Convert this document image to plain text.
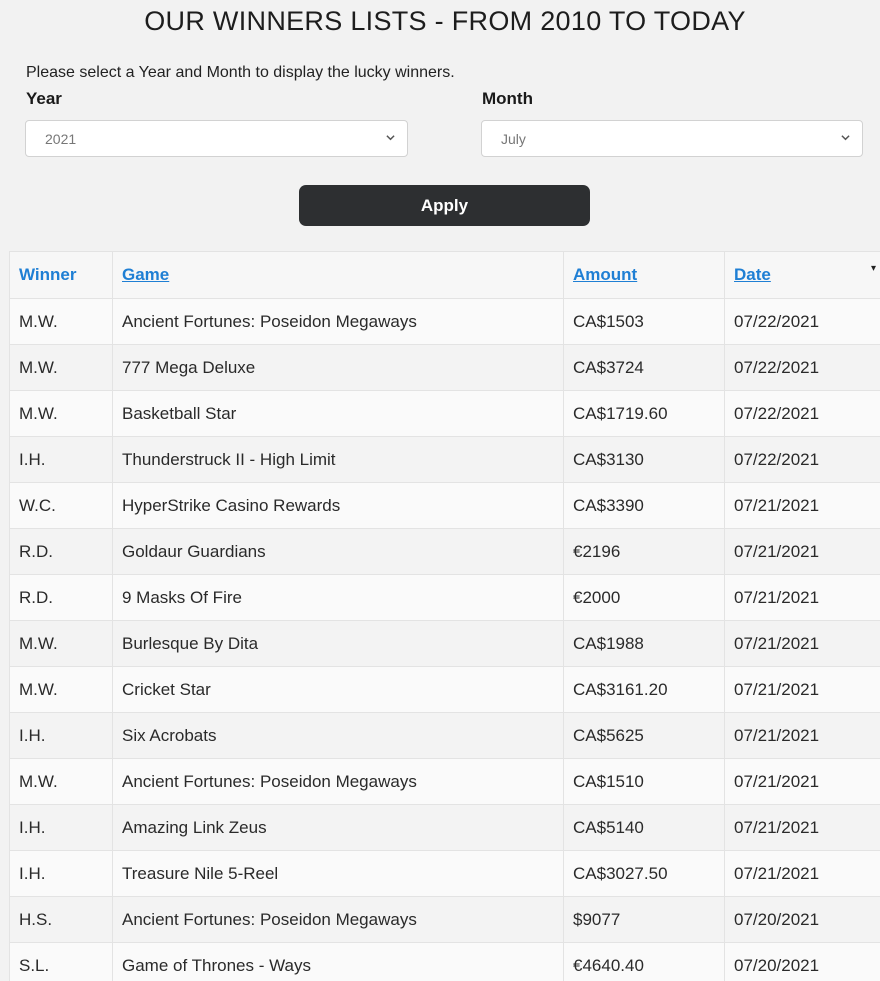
OUR WINNERS LISTS - FROM 2010 TO TODAY
Please select a Year and Month to display the lucky winners.
Year
2021
Month
July
Apply
Winner	Game	Amount	Date ▾

M.W.	Ancient Fortunes: Poseidon Megaways	CA$1503	07/22/2021
M.W.	777 Mega Deluxe	CA$3724	07/22/2021
M.W.	Basketball Star	CA$1719.60	07/22/2021
I.H.	Thunderstruck II - High Limit	CA$3130	07/22/2021
W.C.	HyperStrike Casino Rewards	CA$3390	07/21/2021
R.D.	Goldaur Guardians	€2196	07/21/2021
R.D.	9 Masks Of Fire	€2000	07/21/2021
M.W.	Burlesque By Dita	CA$1988	07/21/2021
M.W.	Cricket Star	CA$3161.20	07/21/2021
I.H.	Six Acrobats	CA$5625	07/21/2021
M.W.	Ancient Fortunes: Poseidon Megaways	CA$1510	07/21/2021
I.H.	Amazing Link Zeus	CA$5140	07/21/2021
I.H.	Treasure Nile 5-Reel	CA$3027.50	07/21/2021
H.S.	Ancient Fortunes: Poseidon Megaways	$9077	07/20/2021
S.L.	Game of Thrones - Ways	€4640.40	07/20/2021
